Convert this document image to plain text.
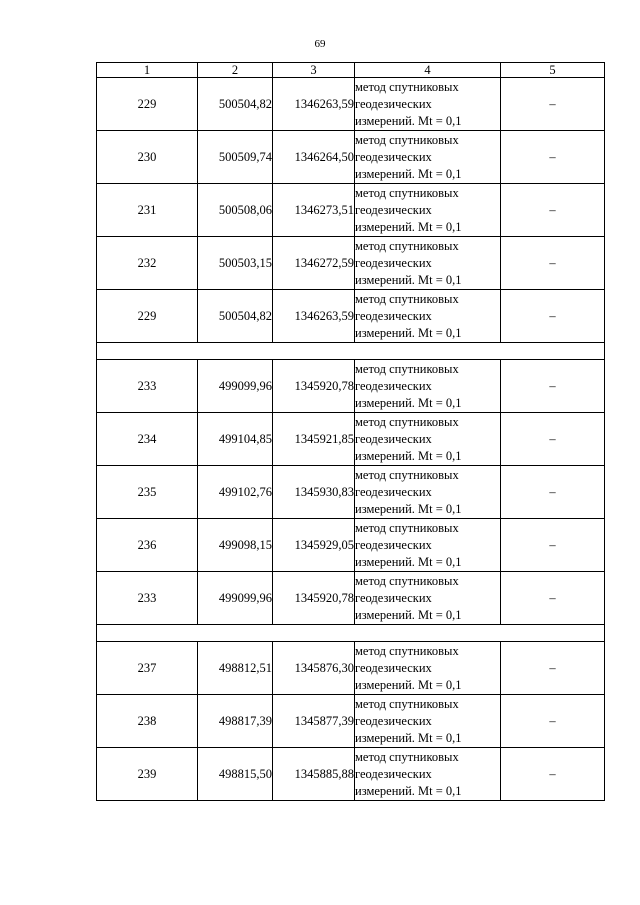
69
1	2	3	4	5
229	500504,82	1346263,59	метод спутниковых
геодезических
измерений. Mt = 0,1	–
230	500509,74	1346264,50	метод спутниковых
геодезических
измерений. Mt = 0,1	–
231	500508,06	1346273,51	метод спутниковых
геодезических
измерений. Mt = 0,1	–
232	500503,15	1346272,59	метод спутниковых
геодезических
измерений. Mt = 0,1	–
229	500504,82	1346263,59	метод спутниковых
геодезических
измерений. Mt = 0,1	–

233	499099,96	1345920,78	метод спутниковых
геодезических
измерений. Mt = 0,1	–
234	499104,85	1345921,85	метод спутниковых
геодезических
измерений. Mt = 0,1	–
235	499102,76	1345930,83	метод спутниковых
геодезических
измерений. Mt = 0,1	–
236	499098,15	1345929,05	метод спутниковых
геодезических
измерений. Mt = 0,1	–
233	499099,96	1345920,78	метод спутниковых
геодезических
измерений. Mt = 0,1	–

237	498812,51	1345876,30	метод спутниковых
геодезических
измерений. Mt = 0,1	–
238	498817,39	1345877,39	метод спутниковых
геодезических
измерений. Mt = 0,1	–
239	498815,50	1345885,88	метод спутниковых
геодезических
измерений. Mt = 0,1	–
